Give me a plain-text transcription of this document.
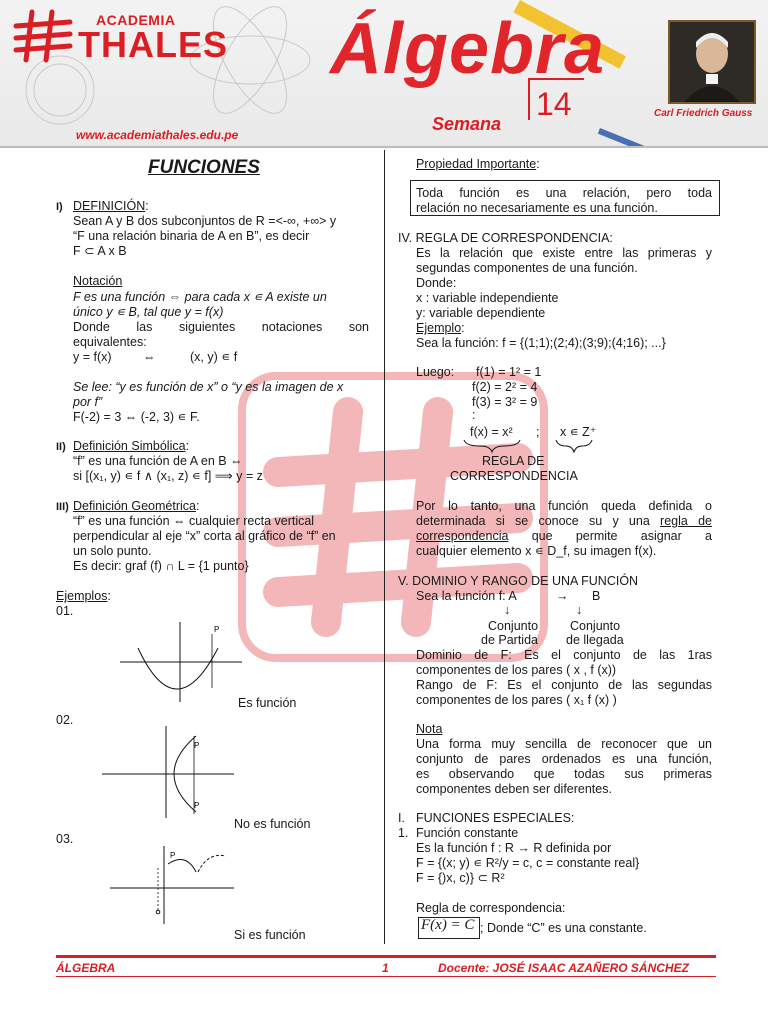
ACADEMIA
THALES
www.academiathales.edu.pe
Álgebra
Semana
14	Carl Friedrich Gauss
FUNCIONES
I) DEFINICIÓN:
Sean A y B dos subconjuntos de R =<-∞, +∞> y
“F una relación binaria de A en B”, es decir
F ⊂ A x B
Notación
F es una función ⇔ para cada x ∊ A existe un
único y ∊ B, tal que y = f(x)
Donde las siguientes notaciones son
equivalentes:
y = f(x)	⇔	(x, y) ∊ f
Se lee: “y es función de x” o “y es la imagen de x
por f”
F(-2) = 3 ⇔ (-2, 3) ∊ F.
II) Definición Simbólica:
“f” es una función de A en B ⇔
si [(x₁, y) ∊ f ∧ (x₁, z) ∊ f] ⟹ y = z
III) Definición Geométrica:
“f” es una función ⇔ cualquier recta vertical
perpendicular al eje “x” corta al gráfico de “f” en
un solo punto.
Es decir: graf (f) ∩ L = {1 punto}
Ejemplos:
01.
P
Es función
02.
P
P
No es función
03.
P
Si es función
Propiedad Importante:
Toda función es una relación, pero toda
relación no necesariamente es una función.
IV. REGLA DE CORRESPONDENCIA:
Es la relación que existe entre las primeras y
segundas componentes de una función.
Donde:
x : variable independiente
y: variable dependiente
Ejemplo:
Sea la función: f = {(1;1);(2;4);(3;9);(4;16); ...}
Luego: f(1) = 1² = 1
f(2) = 2² = 4
f(3) = 3² = 9
:
f(x) = x² ; x ∊ Z⁺
REGLA DE
CORRESPONDENCIA
Por lo tanto, una función queda definida o
determinada si se conoce su y una regla de
correspondencia que permite asignar a
cualquier elemento x ∊ D_f, su imagen f(x).
V. DOMINIO Y RANGO DE UNA FUNCIÓN
Sea la función f: A	→ B
↓	↓
Conjunto	Conjunto
de Partida de llegada
Dominio de F: Es el conjunto de las 1ras
componentes de los pares ( x , f (x))
Rango de F: Es el conjunto de las segundas
componentes de los pares ( x₁ f (x) )
Nota
Una forma muy sencilla de reconocer que un
conjunto de pares ordenados es una función,
es observando que todas sus primeras
componentes deben ser diferentes.
I. FUNCIONES ESPECIALES:
1. Función constante
Es la función f : R → R definida por
F = {(x; y) ∊ R²/y = c, c = constante real}
F = {)x, c)} ⊂ R²
Regla de correspondencia:
F(x) = C ; Donde “C” es una constante.
ÁLGEBRA	1	Docente: JOSÉ ISAAC AZAÑERO SÁNCHEZ
